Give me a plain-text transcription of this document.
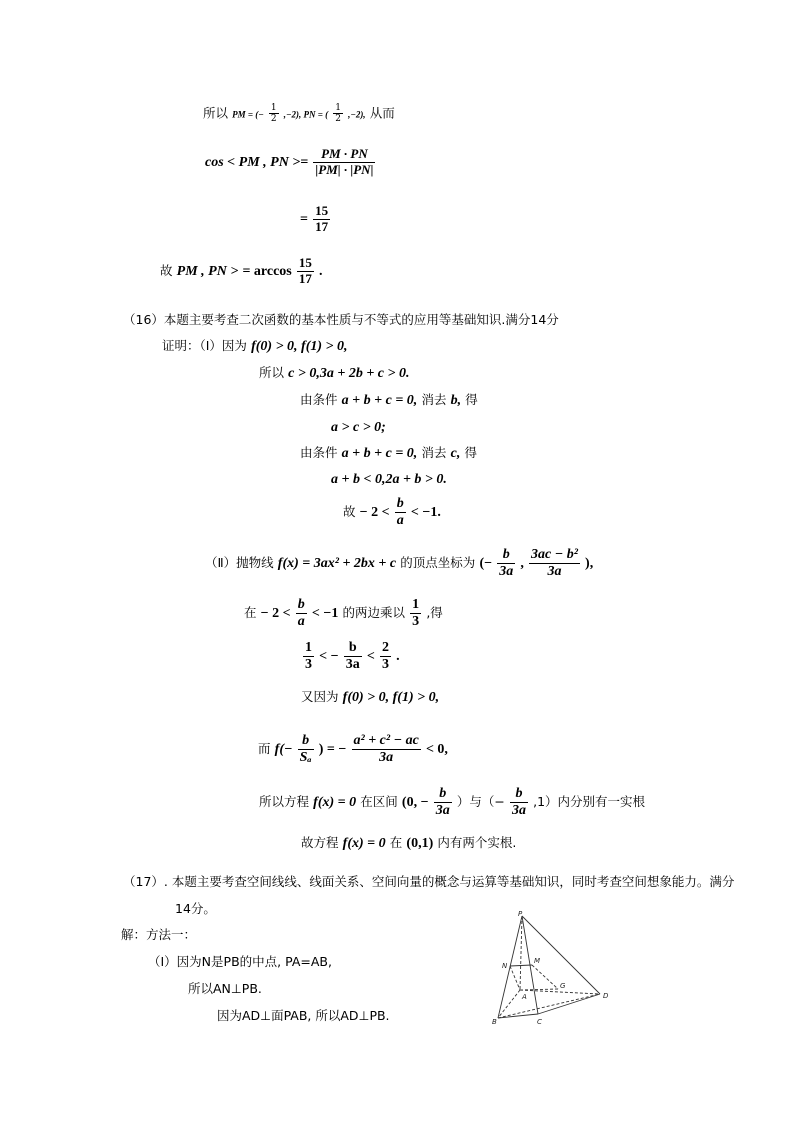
所以 PM = (− $\frac{1}{2} ,-2$), PN = ( $\frac{1}{2} ,-2$), 从而
cos < PM , PN >= $\frac{PM \cdot PN}{|PM| \cdot |PN|}$
= $\frac{15}{17}$
故 PM , PN > = $\arccos \frac{15}{17}$ .
（16）本题主要考查二次函数的基本性质与不等式的应用等基础知识.满分14分
证明：（Ⅰ）因为 f(0) > 0, f(1) > 0,
所以 c > 0,3a + 2b + c > 0.
由条件 a + b + c = 0, 消去 b, 得
a > c > 0;
由条件 a + b + c = 0, 消去 c, 得
a + b < 0,2a + b > 0.
故 − $2 < \frac{b}{a} < -1$.
（Ⅱ）抛物线 f(x) = 3ax² + 2bx + c 的顶点坐标为 (− $\frac{b}{3a}$ , $\frac{\text{3ac − b²}}{3a}$ ),
在 − $2 < \frac{b}{a} < -1$ 的两边乘以 $\frac{1}{3}$ ,得
$\frac{1}{3}$ < − $\frac{b}{3a} < \frac{2}{3}$ .
又因为 f(0) > 0, f(1) > 0,
而 $f(- \frac{b}{\text{Sₐ}}$ ) = − $\frac{\text{a² + c² − ac}}{3a} < 0$,
所以方程 f(x) = 0 在区间 (0, − $\frac{b}{3a}$ ）与（− $\frac{b}{3a} ,1$）内分别有一实根
故方程 f(x) = 0 在 (0,1) 内有两个实根.
（17）. 本题主要考查空间线线、线面关系、空间向量的概念与运算等基础知识，同时考查空间想象能力。满分
14分。
解：方法一：
（Ⅰ）因为N是PB的中点, PA=AB,
所以AN⊥PB.
因为AD⊥面PAB, 所以AD⊥PB.
P
N
M
A
G
D
B	C
